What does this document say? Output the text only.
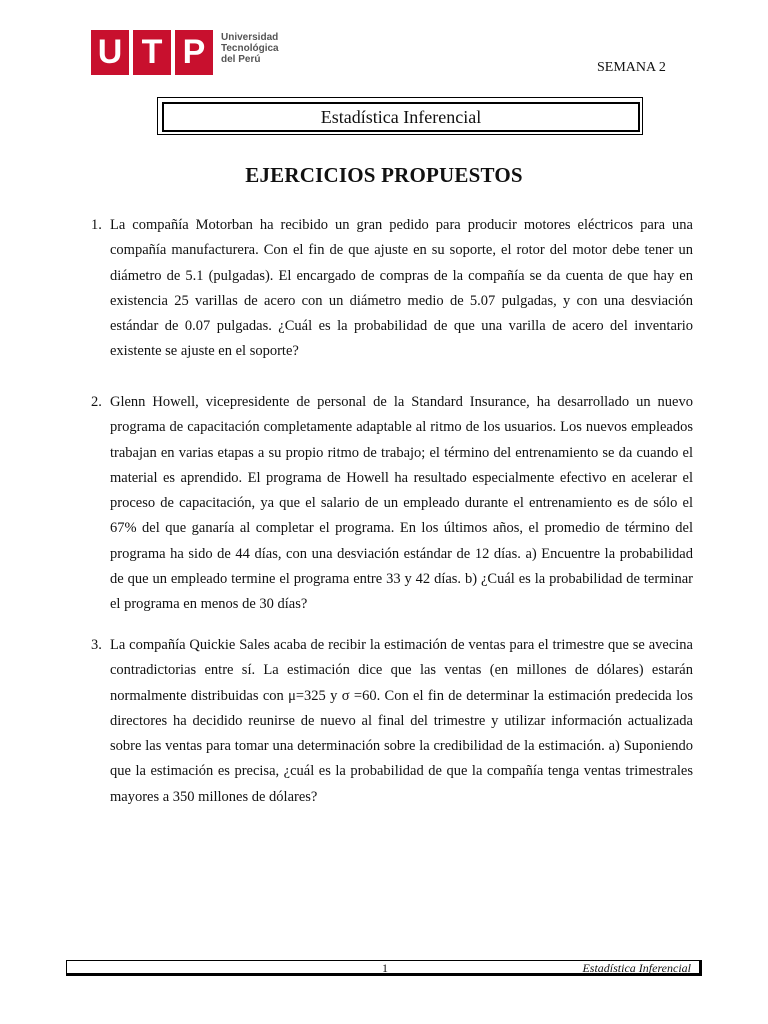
U T P	Universidad
Tecnológica
del Perú
SEMANA 2
Estadística Inferencial
EJERCICIOS PROPUESTOS
1. La compañía Motorban ha recibido un gran pedido para producir motores eléctricos para una compañía manufacturera. Con el fin de que ajuste en su soporte, el rotor del motor debe tener un diámetro de 5.1 (pulgadas). El encargado de compras de la compañía se da cuenta de que hay en existencia 25 varillas de acero con un diámetro medio de 5.07 pulgadas, y con una desviación estándar de 0.07 pulgadas. ¿Cuál es la probabilidad de que una varilla de acero del inventario existente se ajuste en el soporte?
2. Glenn Howell, vicepresidente de personal de la Standard Insurance, ha desarrollado un nuevo programa de capacitación completamente adaptable al ritmo de los usuarios. Los nuevos empleados trabajan en varias etapas a su propio ritmo de trabajo; el término del entrenamiento se da cuando el material es aprendido. El programa de Howell ha resultado especialmente efectivo en acelerar el proceso de capacitación, ya que el salario de un empleado durante el entrenamiento es de sólo el 67% del que ganaría al completar el programa. En los últimos años, el promedio de término del programa ha sido de 44 días, con una desviación estándar de 12 días. a) Encuentre la probabilidad de que un empleado termine el programa entre 33 y 42 días. b) ¿Cuál es la probabilidad de terminar el programa en menos de 30 días?
3. La compañía Quickie Sales acaba de recibir la estimación de ventas para el trimestre que se avecina contradictorias entre sí. La estimación dice que las ventas (en millones de dólares) estarán normalmente distribuidas con μ=325 y σ =60. Con el fin de determinar la estimación predecida los directores ha decidido reunirse de nuevo al final del trimestre y utilizar información actualizada sobre las ventas para tomar una determinación sobre la credibilidad de la estimación. a) Suponiendo que la estimación es precisa, ¿cuál es la probabilidad de que la compañía tenga ventas trimestrales mayores a 350 millones de dólares?
1	Estadística Inferencial
